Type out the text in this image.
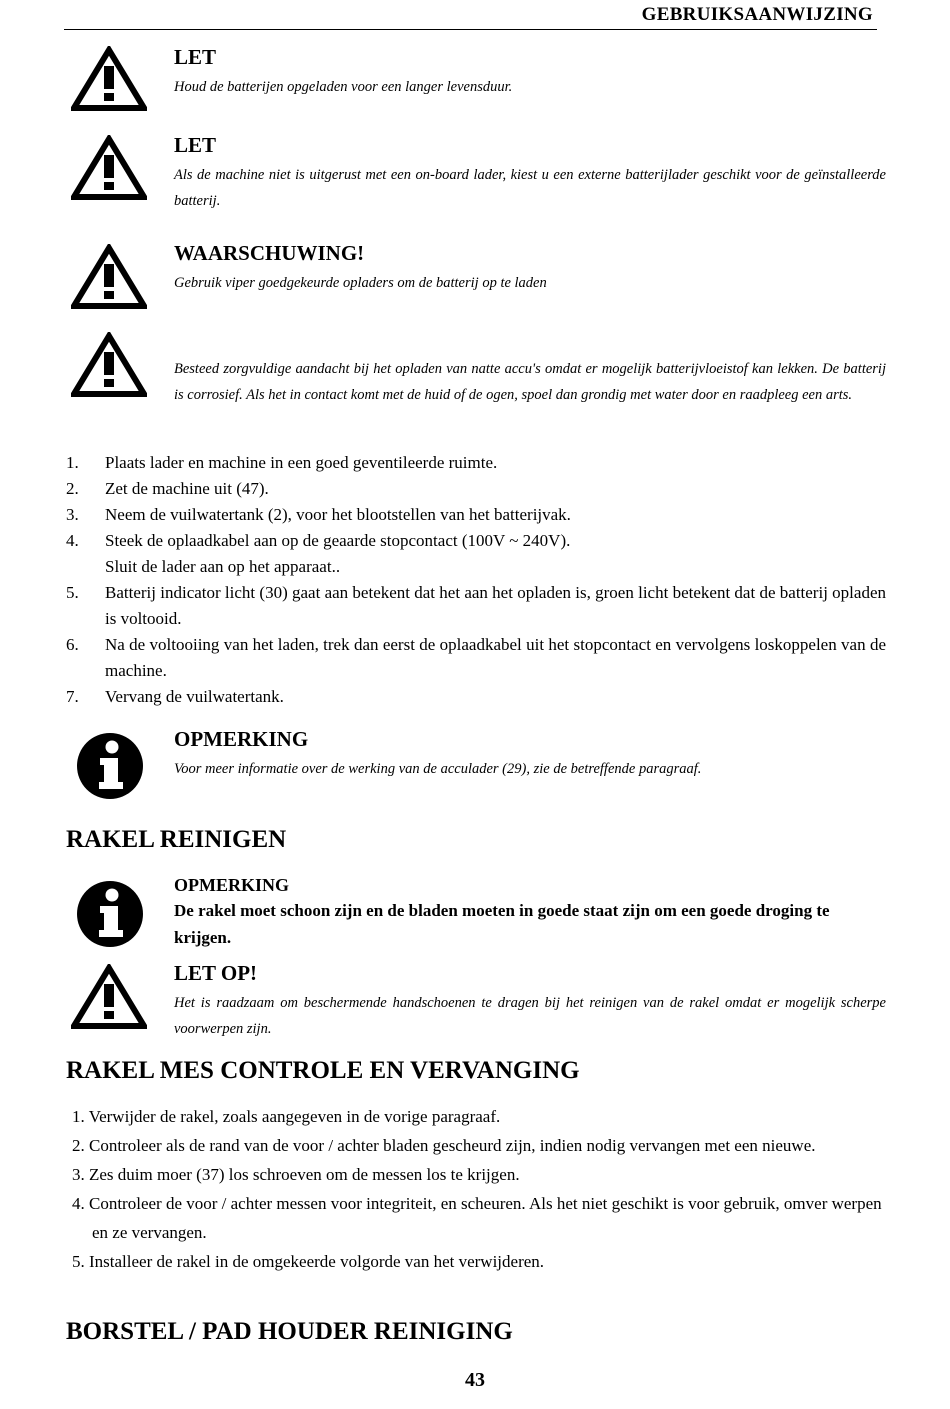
GEBRUIKSAANWIJZING

LET

Houd de batterijen opgeladen voor een langer levensduur.

LET

Als de machine niet is uitgerust met een on-board lader, kiest u een externe batterijlader geschikt voor de geïnstalleerde batterij.

WAARSCHUWING!

Gebruik viper goedgekeurde opladers om de batterij op te laden

Besteed zorgvuldige aandacht bij het opladen van natte accu's omdat er mogelijk batterijvloeistof kan lekken. De batterij is corrosief. Als het in contact komt met de huid of de ogen, spoel dan grondig met water door en raadpleeg een arts.

1. Plaats lader en machine in een goed geventileerde ruimte.
2. Zet de machine uit (47).
3. Neem de vuilwatertank (2), voor het blootstellen van het batterijvak.
4. Steek de oplaadkabel aan op de geaarde stopcontact (100V ~ 240V).
Sluit de lader aan op het apparaat..
5. Batterij indicator licht (30) gaat aan betekent dat het aan het opladen is, groen licht betekent dat de batterij opladen is voltooid.
6. Na de voltooiing van het laden, trek dan eerst de oplaadkabel uit het stopcontact en vervolgens loskoppelen van de machine.
7. Vervang de vuilwatertank.

OPMERKING

Voor meer informatie over de werking van de acculader (29), zie de betreffende paragraaf.

RAKEL REINIGEN

OPMERKING

De rakel moet schoon zijn en de bladen moeten in goede staat zijn om een goede droging te krijgen.

LET OP!

Het is raadzaam om beschermende handschoenen te dragen bij het reinigen van de rakel omdat er mogelijk scherpe voorwerpen zijn.

RAKEL MES CONTROLE EN VERVANGING
1. Verwijder de rakel, zoals aangegeven in de vorige paragraaf.
2. Controleer als de rand van de voor / achter bladen gescheurd zijn, indien nodig vervangen met een nieuwe.
3. Zes duim moer (37) los schroeven om de messen los te krijgen.
4. Controleer de voor / achter messen voor integriteit, en scheuren. Als het niet geschikt is voor gebruik, omver werpen en ze vervangen.
5. Installeer de rakel in de omgekeerde volgorde van het verwijderen.
BORSTEL / PAD HOUDER REINIGING
43
